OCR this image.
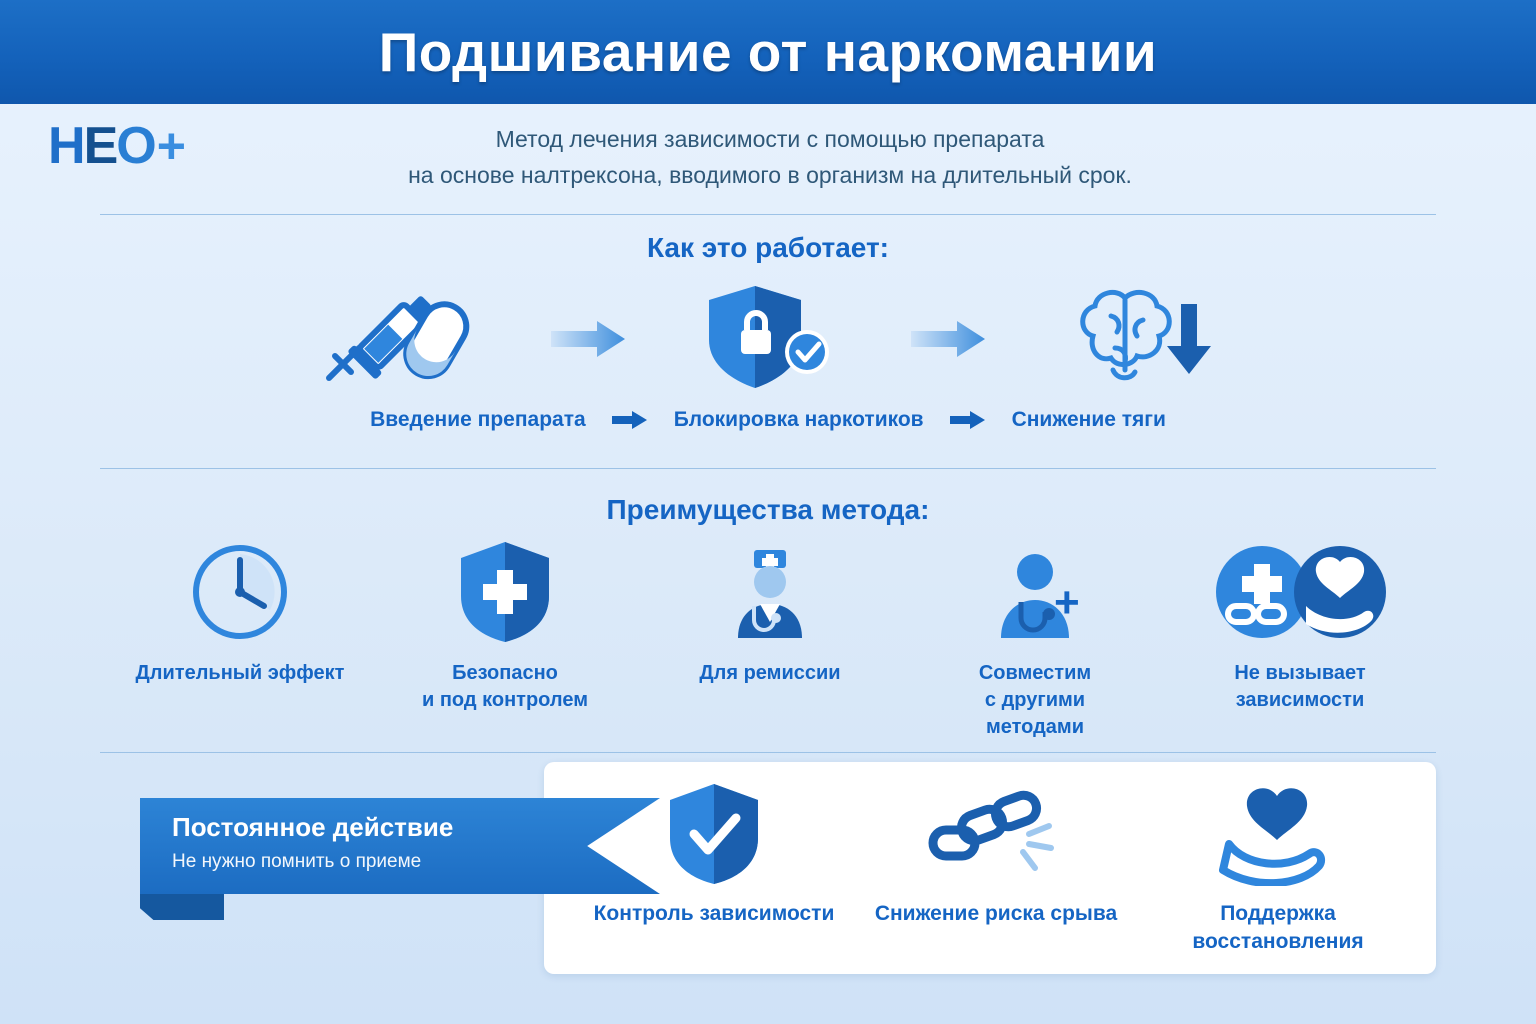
Подшивание от наркомании
Н Е О +	Метод лечения зависимости с помощью препарата
на основе налтрексона, вводимого в организм на длительный срок.
Как это работает:
Введение препарата	Блокировка наркотиков	Снижение тяги
Преимущества метода:
Длительный эффект	Безопасно
и под контролем
Для ремиссии	Совместим
с другими
методами
Не вызывает
зависимости
+
Постоянное действие
Не нужно помнить о приеме
Контроль зависимости Снижение риска срыва	Поддержка
восстановления
